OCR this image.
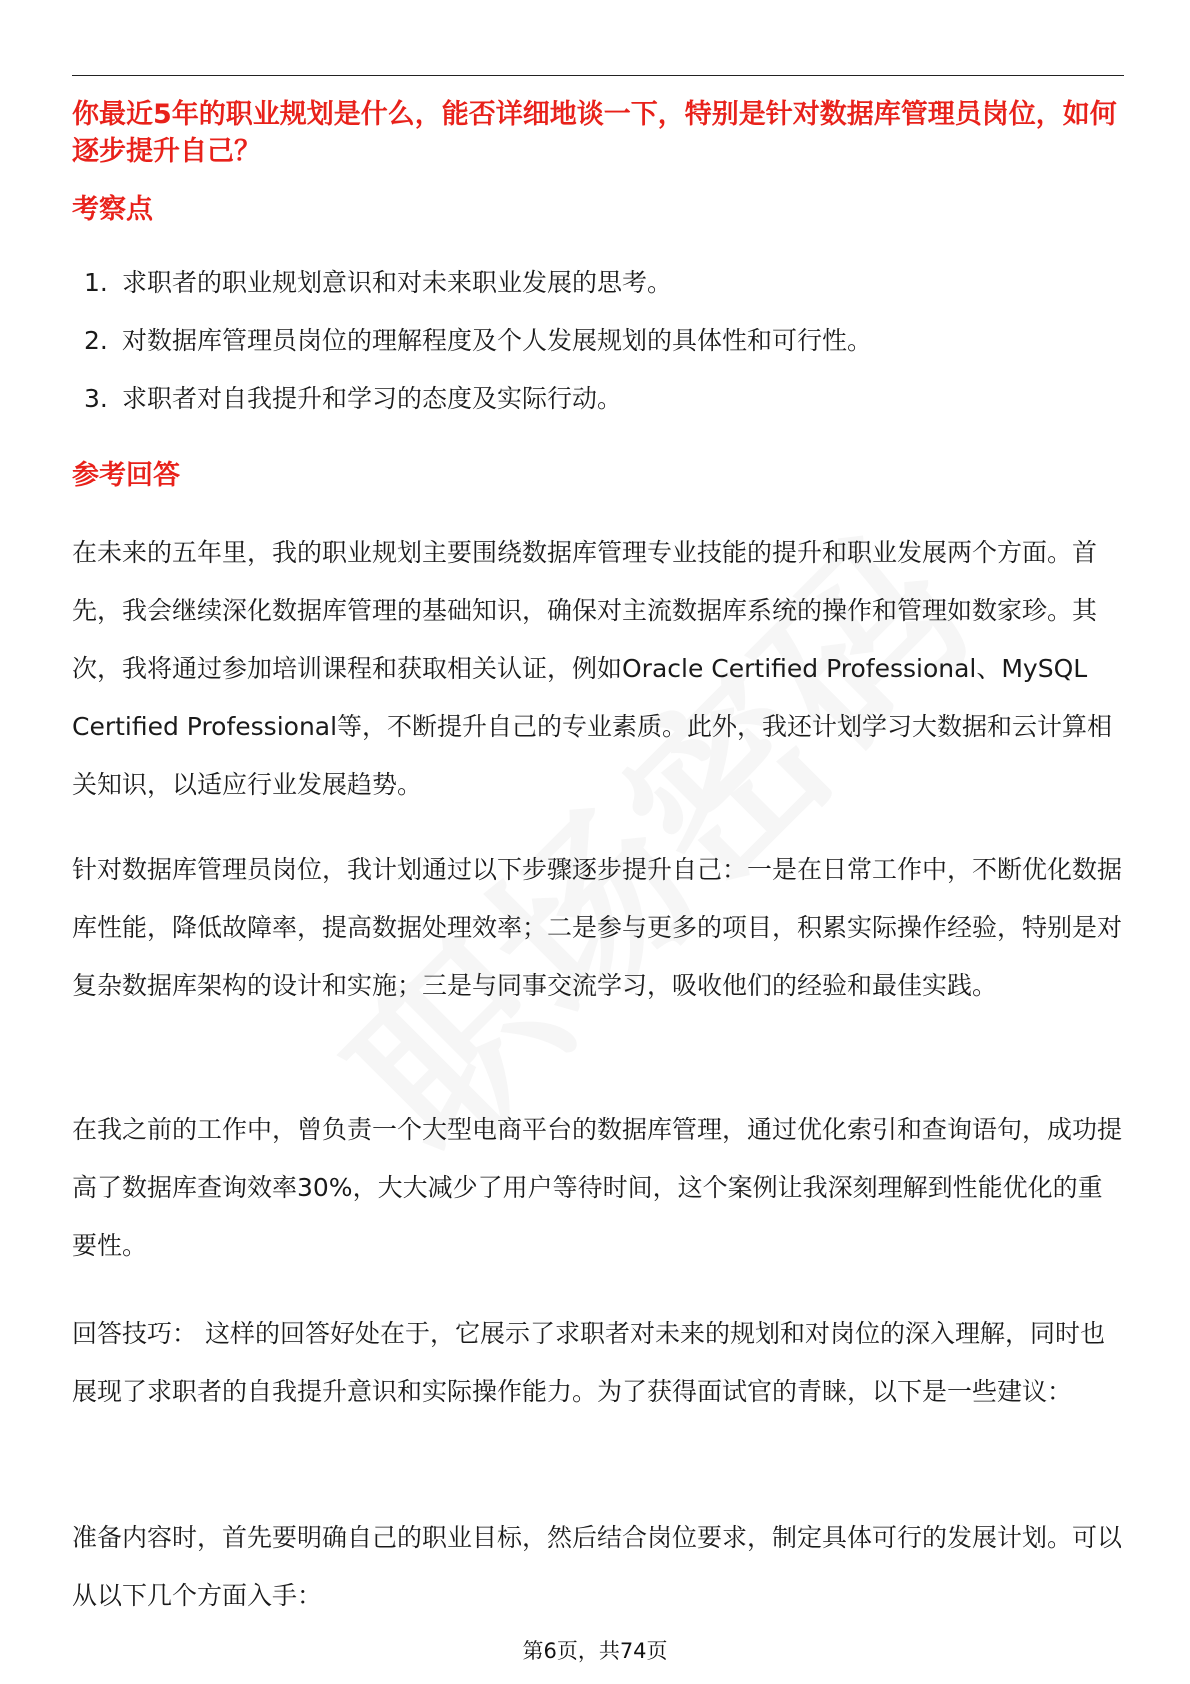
你最近5年的职业规划是什么，能否详细地谈一下，特别是针对数据库管理员岗位，如何逐步提升自己？
考察点
1. 求职者的职业规划意识和对未来职业发展的思考。
2. 对数据库管理员岗位的理解程度及个人发展规划的具体性和可行性。
3. 求职者对自我提升和学习的态度及实际行动。
参考回答

在未来的五年里，我的职业规划主要围绕数据库管理专业技能的提升和职业发展两个方面。首先，我会继续深化数据库管理的基础知识，确保对主流数据库系统的操作和管理如数家珍。其次，我将通过参加培训课程和获取相关认证，例如Oracle Certified Professional、MySQL Certified Professional等，不断提升自己的专业素质。此外，我还计划学习大数据和云计算相关知识，以适应行业发展趋势。

针对数据库管理员岗位，我计划通过以下步骤逐步提升自己：一是在日常工作中，不断优化数据库性能，降低故障率，提高数据处理效率；二是参与更多的项目，积累实际操作经验，特别是对复杂数据库架构的设计和实施；三是与同事交流学习，吸收他们的经验和最佳实践。

在我之前的工作中，曾负责一个大型电商平台的数据库管理，通过优化索引和查询语句，成功提高了数据库查询效率30%，大大减少了用户等待时间，这个案例让我深刻理解到性能优化的重要性。

回答技巧： 这样的回答好处在于，它展示了求职者对未来的规划和对岗位的深入理解，同时也展现了求职者的自我提升意识和实际操作能力。为了获得面试官的青睐，以下是一些建议：

准备内容时，首先要明确自己的职业目标，然后结合岗位要求，制定具体可行的发展计划。可以从以下几个方面入手：

第6页，共74页
